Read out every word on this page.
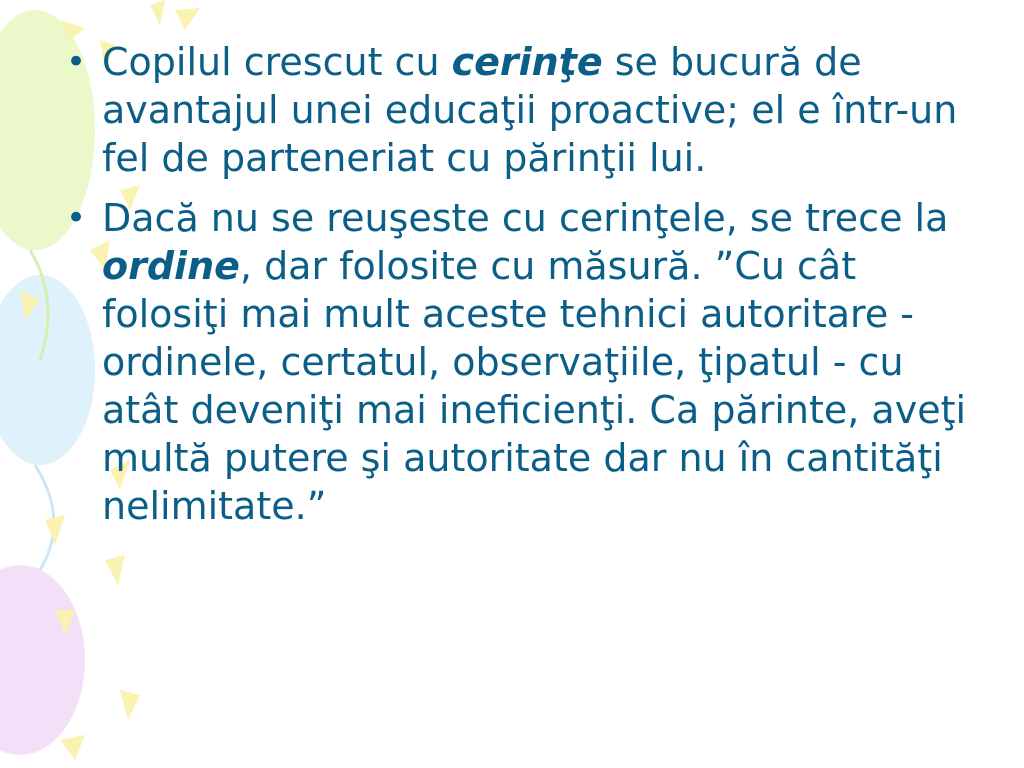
• Copilul crescut cu cerinţe se bucură de avantajul unei educaţii proactive; el e într-un fel de parteneriat cu părinţii lui.
• Dacă nu se reuşeste cu cerinţele, se trece la ordine, dar folosite cu măsură. ”Cu cât folosiţi mai mult aceste tehnici autoritare - ordinele, certatul, observaţiile, ţipatul - cu atât deveniţi mai ineficienţi. Ca părinte, aveţi multă putere şi autoritate dar nu în cantităţi nelimitate.”
